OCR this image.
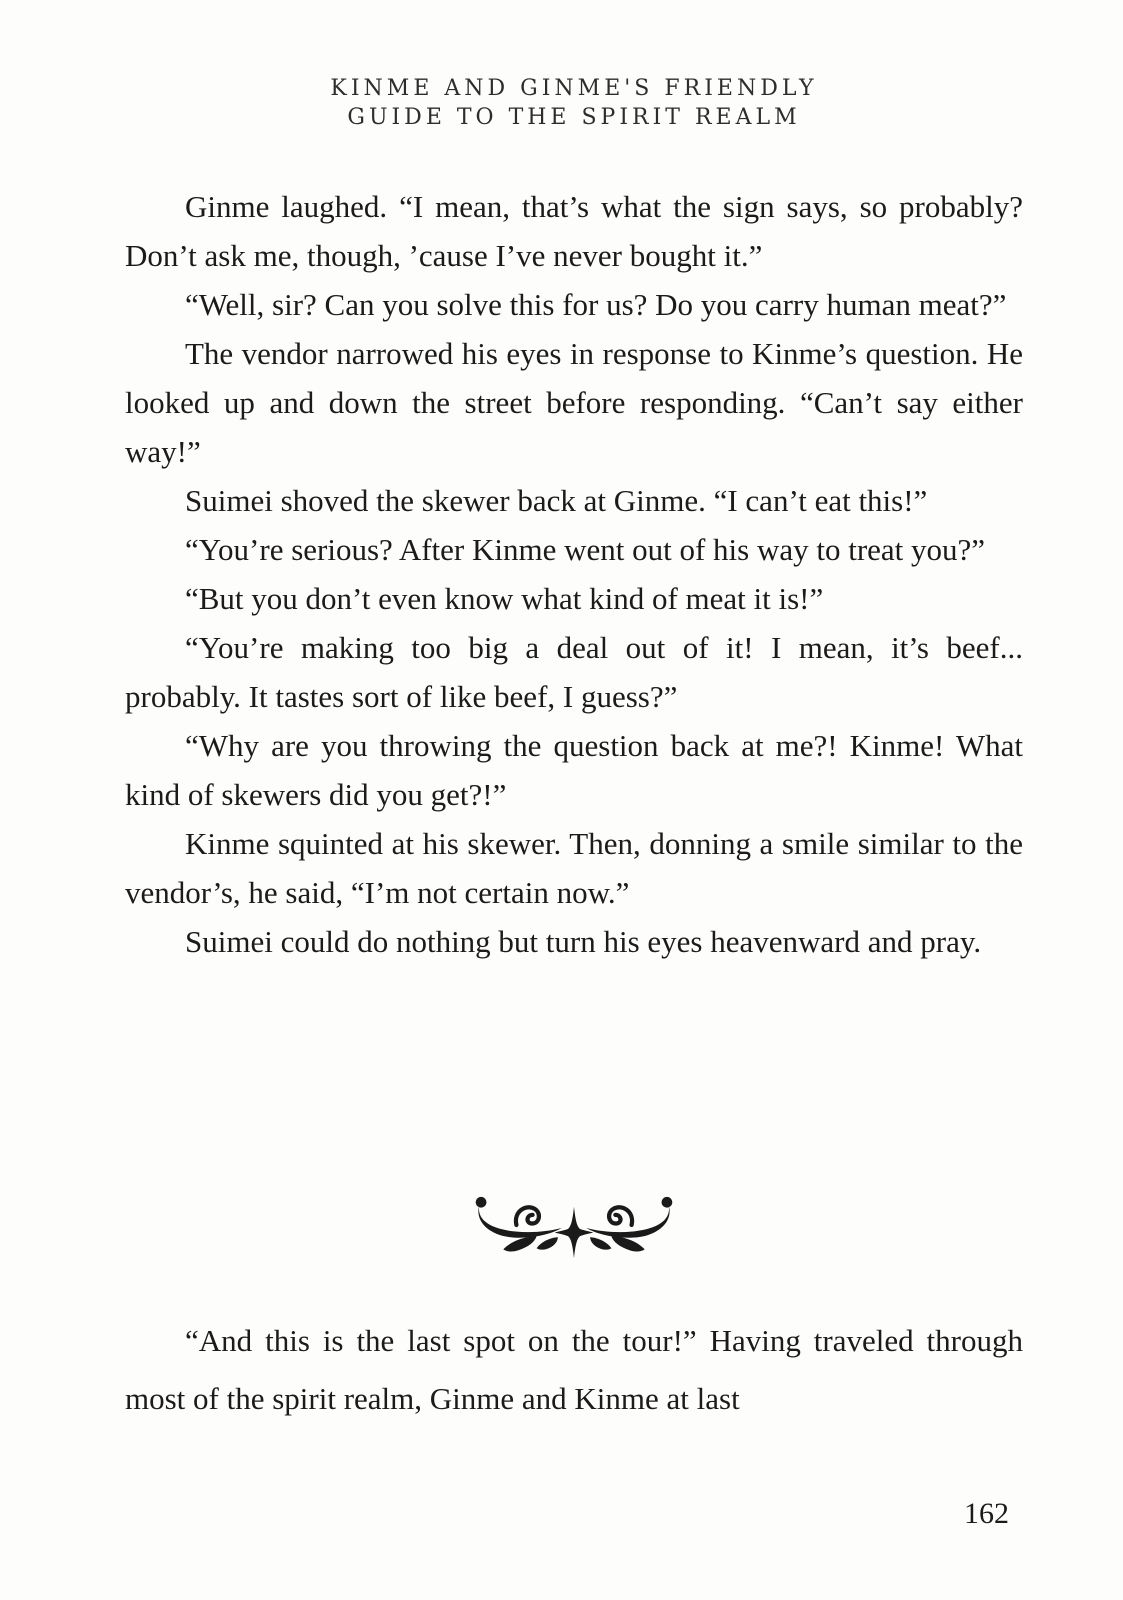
KINME AND GINME'S FRIENDLY
GUIDE TO THE SPIRIT REALM

Ginme laughed. “I mean, that’s what the sign says, so probably? Don’t ask me, though, ’cause I’ve never bought it.”

“Well, sir? Can you solve this for us? Do you carry human meat?”

The vendor narrowed his eyes in response to Kinme’s question. He looked up and down the street before responding. “Can’t say either way!”

Suimei shoved the skewer back at Ginme. “I can’t eat this!”

“You’re serious? After Kinme went out of his way to treat you?”

“But you don’t even know what kind of meat it is!”

“You’re making too big a deal out of it! I mean, it’s beef... probably. It tastes sort of like beef, I guess?”

“Why are you throwing the question back at me?! Kinme! What kind of skewers did you get?!”

Kinme squinted at his skewer. Then, donning a smile similar to the vendor’s, he said, “I’m not certain now.”

Suimei could do nothing but turn his eyes heavenward and pray.

“And this is the last spot on the tour!” Having traveled through most of the spirit realm, Ginme and Kinme at last

162
